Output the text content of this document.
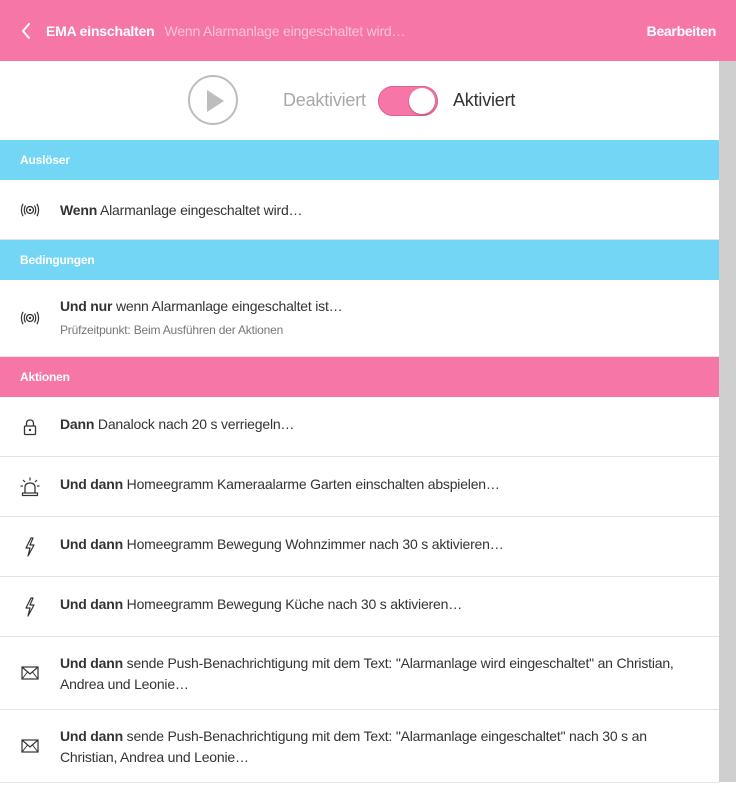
EMA einschalten Wenn Alarmanlage eingeschaltet wird…	Bearbeiten
Deaktiviert	Aktiviert
Auslöser
Wenn Alarmanlage eingeschaltet wird…
Bedingungen
Und nur wenn Alarmanlage eingeschaltet ist…
Prüfzeitpunkt: Beim Ausführen der Aktionen
Aktionen
Dann Danalock nach 20 s verriegeln…
Und dann Homeegramm Kameraalarme Garten einschalten abspielen…
Und dann Homeegramm Bewegung Wohnzimmer nach 30 s aktivieren…
Und dann Homeegramm Bewegung Küche nach 30 s aktivieren…
Und dann sende Push-Benachrichtigung mit dem Text: "Alarmanlage wird eingeschaltet" an Christian, Andrea und Leonie…
Und dann sende Push-Benachrichtigung mit dem Text: "Alarmanlage eingeschaltet" nach 30 s an Christian, Andrea und Leonie…
